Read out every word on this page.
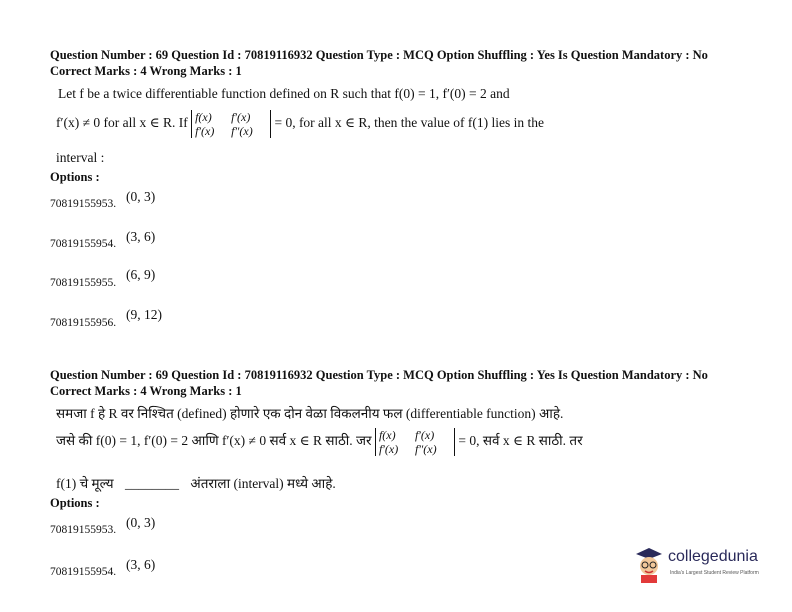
Question Number : 69 Question Id : 70819116932 Question Type : MCQ Option Shuffling : Yes Is Question Mandatory : No
Correct Marks : 4 Wrong Marks : 1
Let f be a twice differentiable function defined on R such that f(0) = 1, f′(0) = 2 and
f′(x) ≠ 0 for all x ∈ R. If f(x) f′(x)
f′(x) f″(x) = 0, for all x ∈ R, then the value of f(1) lies in the
interval :
Options :
70819155953. (0, 3)
70819155954. (3, 6)
70819155955.
(6, 9)
70819155956.
(9, 12)
Question Number : 69 Question Id : 70819116932 Question Type : MCQ Option Shuffling : Yes Is Question Mandatory : No
Correct Marks : 4 Wrong Marks : 1
समजा f हे R वर निश्चित (defined) होणारे एक दोन वेळा विकलनीय फल (differentiable function) आहे.
जसे की f(0) = 1, f′(0) = 2 आणि f′(x) ≠ 0 सर्व x ∈ R साठी. जर f(x) f′(x)
f′(x) f″(x) = 0, सर्व x ∈ R साठी. तर
f(1) चे मूल्य ________ अंतराला (interval) मध्ये आहे.
Options :
70819155953. (0, 3)
70819155954. (3, 6)	collegedunia
India's Largest Student Review Platform
